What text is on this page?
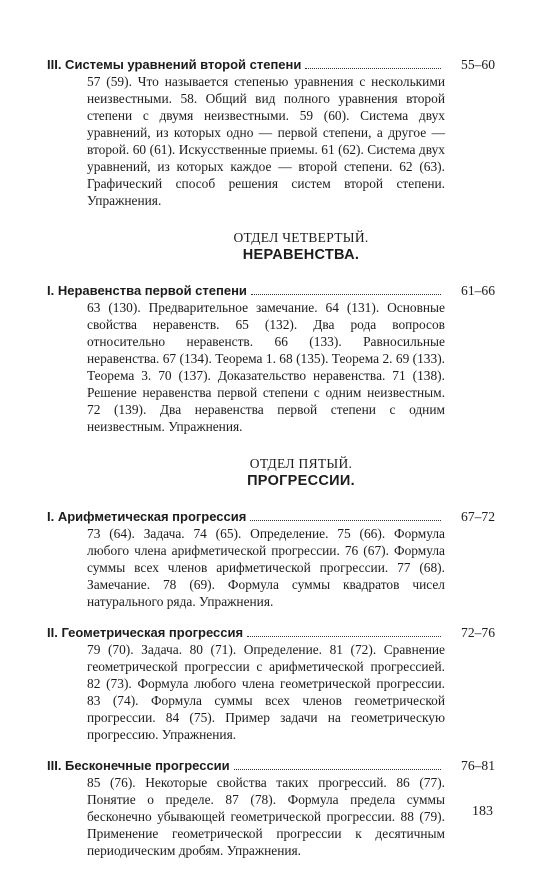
III. Системы уравнений второй степени	55–60
57 (59). Что называется степенью уравнения с несколькими неизвестными. 58. Общий вид полного уравнения второй степени с двумя неизвестными. 59 (60). Система двух уравнений, из которых одно — первой степени, а другое — второй. 60 (61). Искусственные приемы. 61 (62). Система двух уравнений, из которых каждое — второй степени. 62 (63). Графический способ решения систем второй степени. Упражнения.
ОТДЕЛ ЧЕТВЕРТЫЙ.
НЕРАВЕНСТВА.
I. Неравенства первой степени	61–66
63 (130). Предварительное замечание. 64 (131). Основные свойства неравенств. 65 (132). Два рода вопросов относительно неравенств. 66 (133). Равносильные неравенства. 67 (134). Теорема 1. 68 (135). Теорема 2. 69 (133). Теорема 3. 70 (137). Доказательство неравенства. 71 (138). Решение неравенства первой степени с одним неизвестным. 72 (139). Два неравенства первой степени с одним неизвестным. Упражнения.
ОТДЕЛ ПЯТЫЙ.
ПРОГРЕССИИ.
I. Арифметическая прогрессия	67–72
73 (64). Задача. 74 (65). Определение. 75 (66). Формула любого члена арифметической прогрессии. 76 (67). Формула суммы всех членов арифметической прогрессии. 77 (68). Замечание. 78 (69). Формула суммы квадратов чисел натурального ряда. Упражнения.
II. Геометрическая прогрессия	72–76
79 (70). Задача. 80 (71). Определение. 81 (72). Сравнение геометрической прогрессии с арифметической прогрессией. 82 (73). Формула любого члена геометрической прогрессии. 83 (74). Формула суммы всех членов геометрической прогрессии. 84 (75). Пример задачи на геометрическую прогрессию. Упражнения.
III. Бесконечные прогрессии	76–81
85 (76). Некоторые свойства таких прогрессий. 86 (77). Понятие о пределе. 87 (78). Формула предела суммы бесконечно убывающей геометрической прогрессии. 88 (79). Применение геометрической прогрессии к десятичным периодическим дробям. Упражнения.
183
